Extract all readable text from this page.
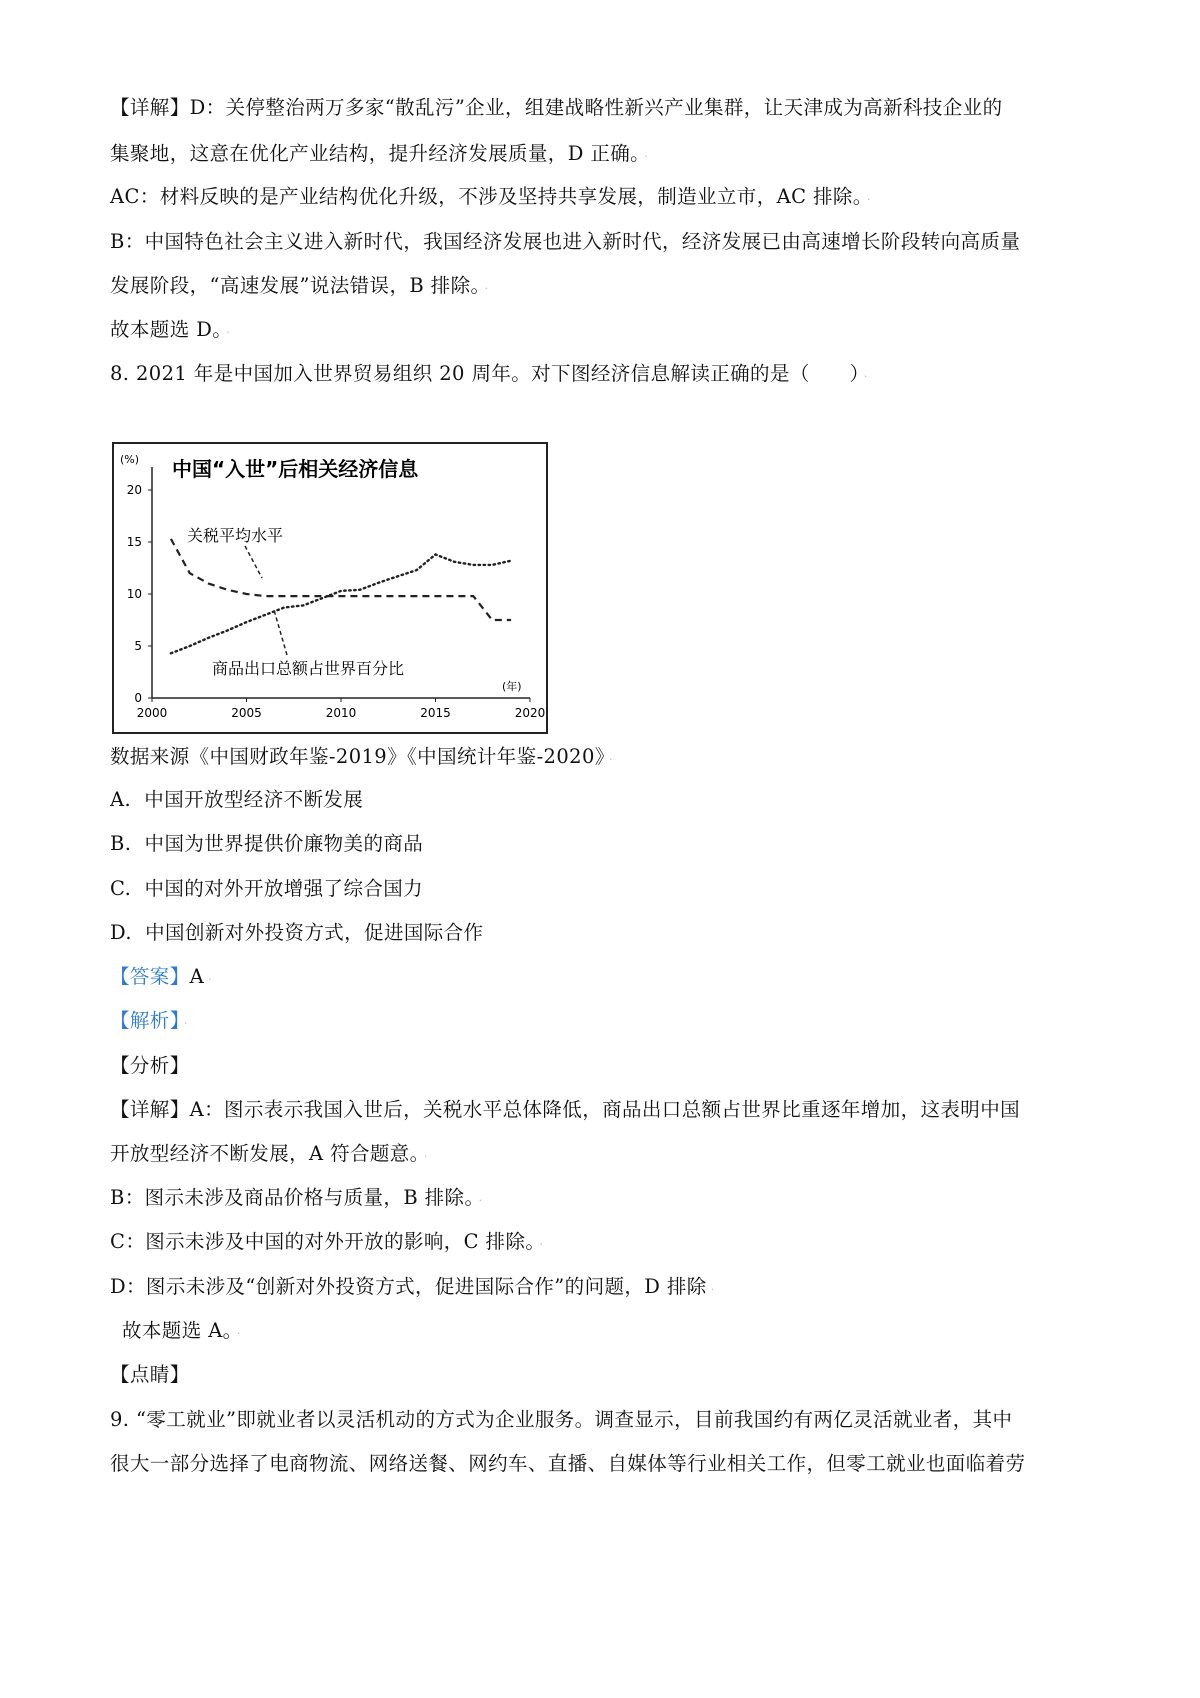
【详解】D：关停整治两万多家“散乱污”企业，组建战略性新兴产业集群，让天津成为高新科技企业的
集聚地，这意在优化产业结构，提升经济发展质量，D 正确。 ·
AC：材料反映的是产业结构优化升级，不涉及坚持共享发展，制造业立市，AC 排除。 ·
B：中国特色社会主义进入新时代，我国经济发展也进入新时代，经济发展已由高速增长阶段转向高质量
发展阶段，“高速发展”说法错误，B 排除。 ·
故本题选 D。 ·
8. 2021 年是中国加入世界贸易组织 20 周年。对下图经济信息解读正确的是（　　） ·
中国“入世”后相关经济信息
(%)
(年)
关税平均水平
商品出口总额占世界百分比
0
5
10
15
20
2000	2005	2010	2015	2020
数据来源《中国财政年鉴-2019》《中国统计年鉴-2020》 ·
A. 中国开放型经济不断发展
B. 中国为世界提供价廉物美的商品
C. 中国的对外开放增强了综合国力
D. 中国创新对外投资方式，促进国际合作
【答案】A ·
【解析】 ·
【分析】
【详解】A：图示表示我国入世后，关税水平总体降低，商品出口总额占世界比重逐年增加，这表明中国
开放型经济不断发展，A 符合题意。 ·
B：图示未涉及商品价格与质量，B 排除。 ·
C：图示未涉及中国的对外开放的影响，C 排除。 ·
D：图示未涉及“创新对外投资方式，促进国际合作”的问题，D 排除 ·
故本题选 A。 ·
【点睛】
9. “零工就业”即就业者以灵活机动的方式为企业服务。调查显示，目前我国约有两亿灵活就业者，其中
很大一部分选择了电商物流、网络送餐、网约车、直播、自媒体等行业相关工作，但零工就业也面临着劳
